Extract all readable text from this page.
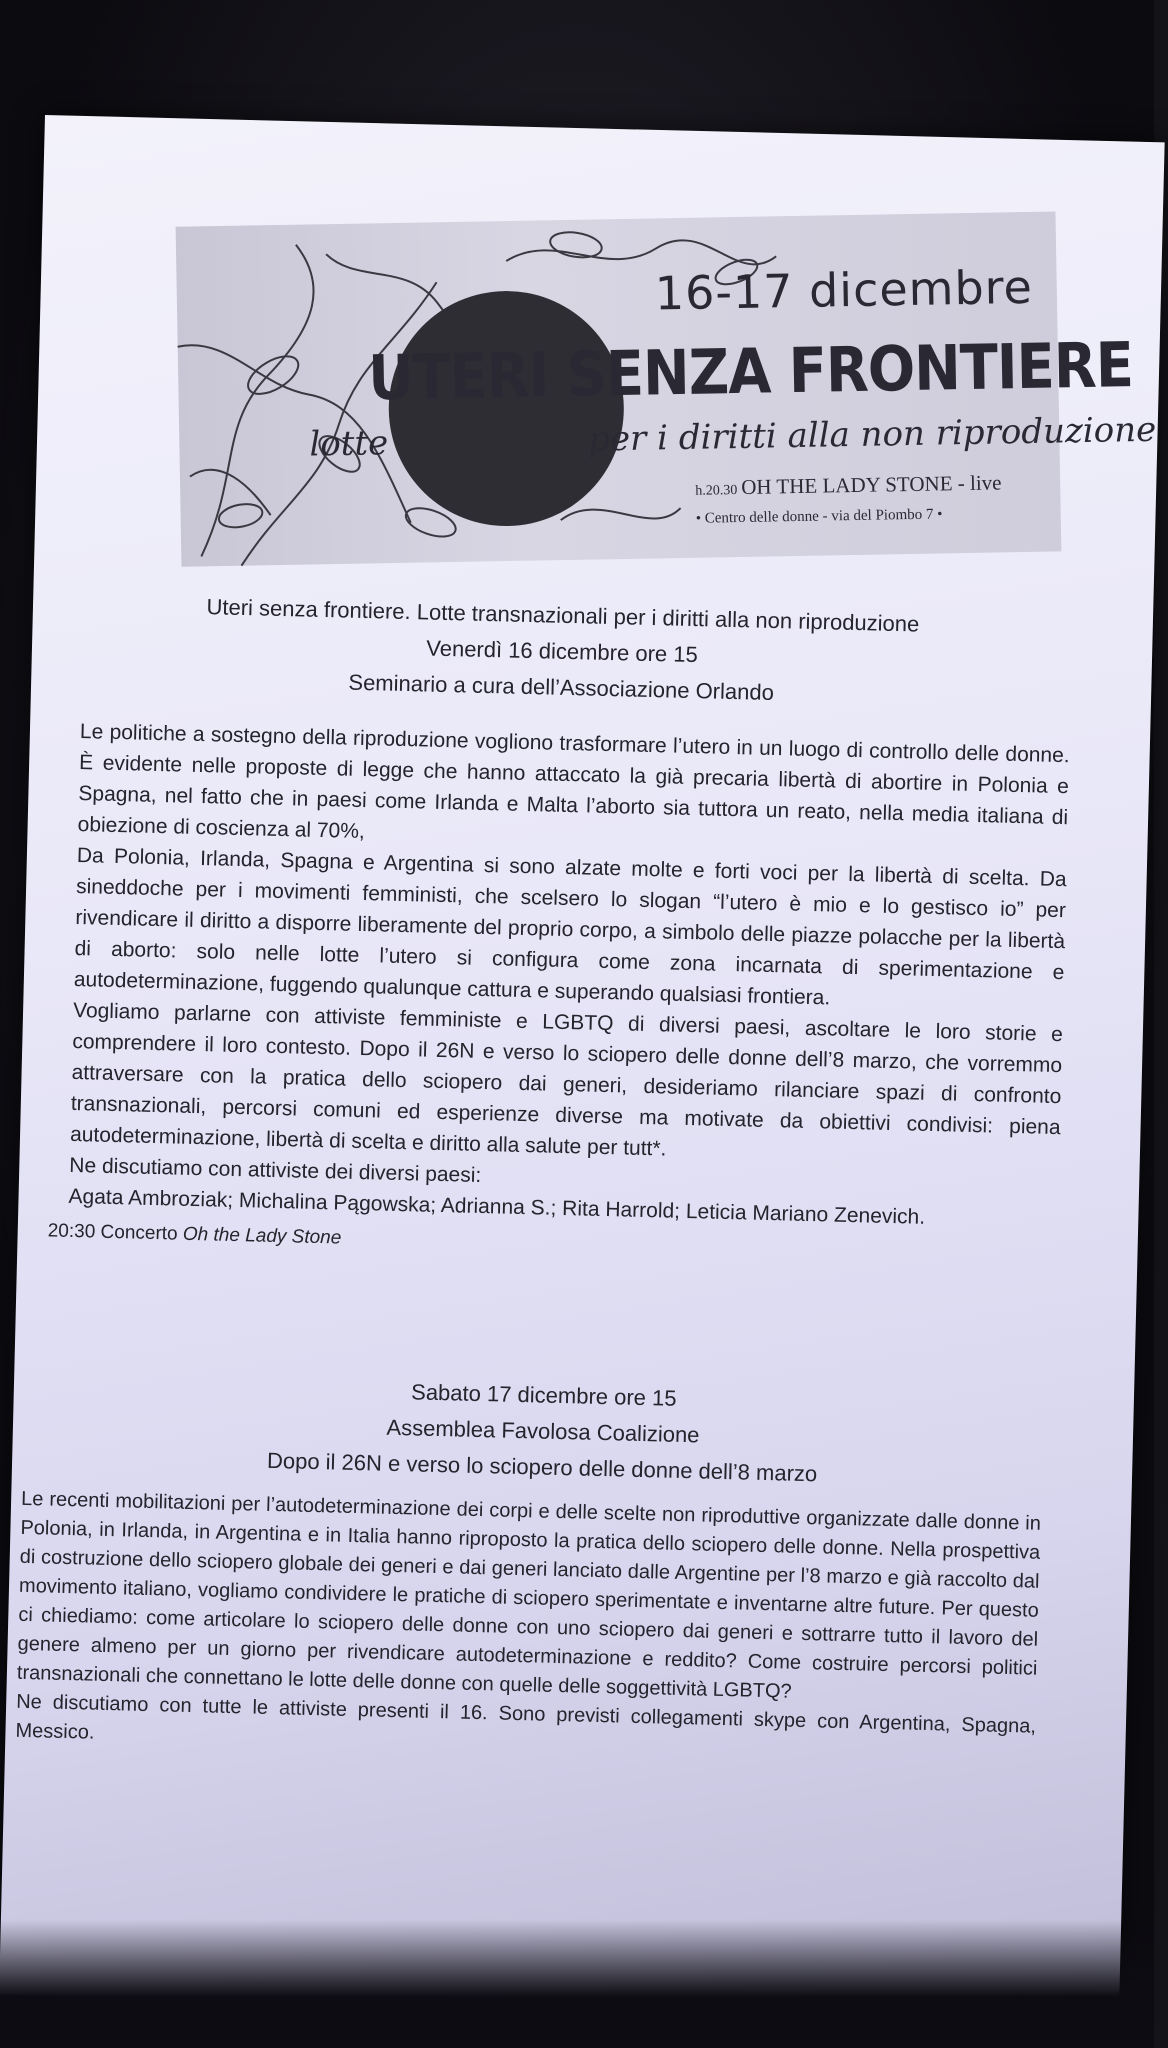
16-17 dicembre
UTERI SENZA FRONTIERE
lotte	per i diritti alla non riproduzione
h.20.30 OH THE LADY STONE - live
• Centro delle donne - via del Piombo 7 •
Uteri senza frontiere. Lotte transnazionali per i diritti alla non riproduzione
Venerdì 16 dicembre ore 15
Seminario a cura dell’Associazione Orlando

Le politiche a sostegno della riproduzione vogliono trasformare l’utero in un luogo di controllo delle donne. È evidente nelle proposte di legge che hanno attaccato la già precaria libertà di abortire in Polonia e Spagna, nel fatto che in paesi come Irlanda e Malta l’aborto sia tuttora un reato, nella media italiana di obiezione di coscienza al 70%,

Da Polonia, Irlanda, Spagna e Argentina si sono alzate molte e forti voci per la libertà di scelta. Da sineddoche per i movimenti femministi, che scelsero lo slogan “l’utero è mio e lo gestisco io” per rivendicare il diritto a disporre liberamente del proprio corpo, a simbolo delle piazze polacche per la libertà di aborto: solo nelle lotte l’utero si configura come zona incarnata di sperimentazione e autodeterminazione, fuggendo qualunque cattura e superando qualsiasi frontiera.

Vogliamo parlarne con attiviste femministe e LGBTQ di diversi paesi, ascoltare le loro storie e comprendere il loro contesto. Dopo il 26N e verso lo sciopero delle donne dell’8 marzo, che vorremmo attraversare con la pratica dello sciopero dai generi, desideriamo rilanciare spazi di confronto transnazionali, percorsi comuni ed esperienze diverse ma motivate da obiettivi condivisi: piena autodeterminazione, libertà di scelta e diritto alla salute per tutt*.

Ne discutiamo con attiviste dei diversi paesi:

Agata Ambroziak; Michalina Pągowska; Adrianna S.; Rita Harrold; Leticia Mariano Zenevich.

20:30 Concerto Oh the Lady Stone
Sabato 17 dicembre ore 15
Assemblea Favolosa Coalizione
Dopo il 26N e verso lo sciopero delle donne dell’8 marzo

Le recenti mobilitazioni per l’autodeterminazione dei corpi e delle scelte non riproduttive organizzate dalle donne in Polonia, in Irlanda, in Argentina e in Italia hanno riproposto la pratica dello sciopero delle donne. Nella prospettiva di costruzione dello sciopero globale dei generi e dai generi lanciato dalle Argentine per l’8 marzo e già raccolto dal movimento italiano, vogliamo condividere le pratiche di sciopero sperimentate e inventarne altre future. Per questo ci chiediamo: come articolare lo sciopero delle donne con uno sciopero dai generi e sottrarre tutto il lavoro del genere almeno per un giorno per rivendicare autodeterminazione e reddito? Come costruire percorsi politici transnazionali che connettano le lotte delle donne con quelle delle soggettività LGBTQ?

Ne discutiamo con tutte le attiviste presenti il 16. Sono previsti collegamenti skype con Argentina, Spagna, Messico.
